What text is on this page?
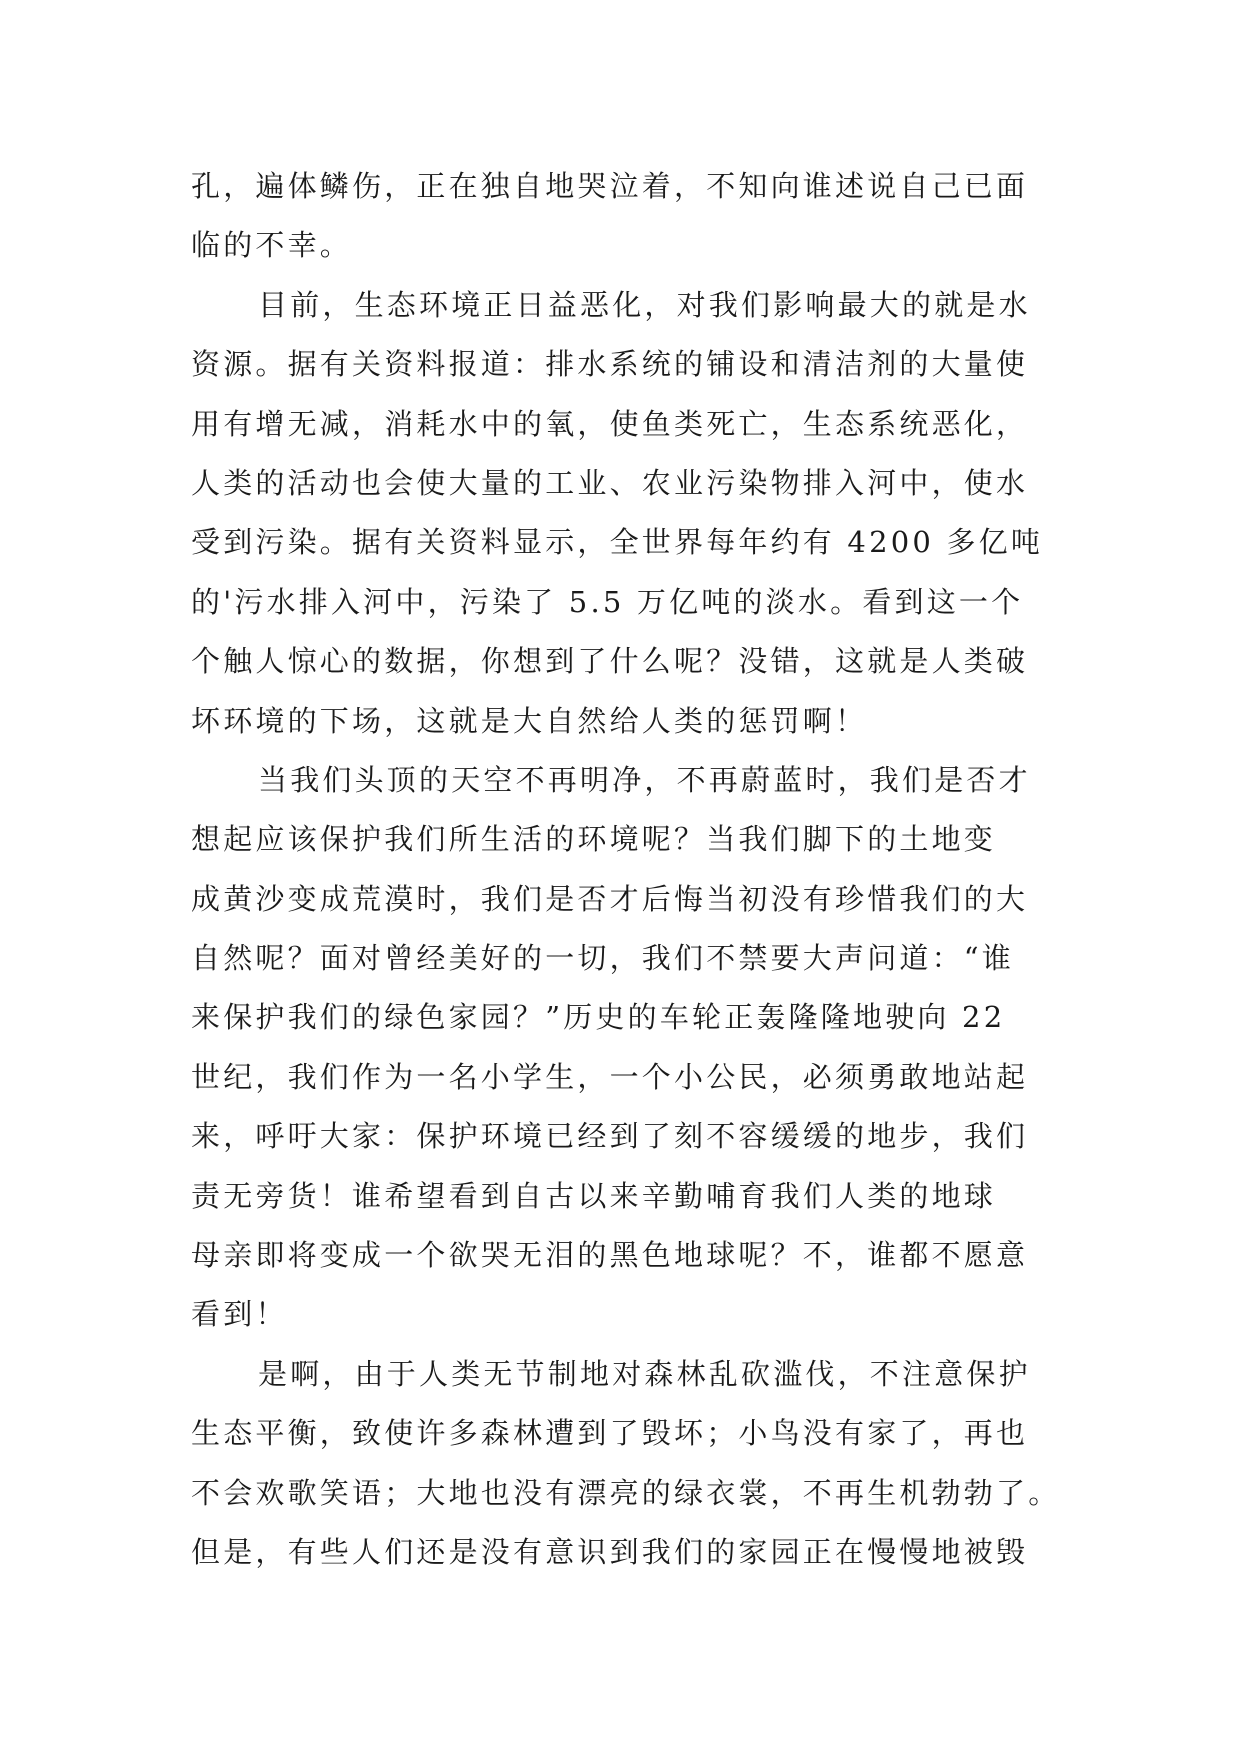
孔，遍体鳞伤，正在独自地哭泣着，不知向谁述说自己已面
临的不幸。
目前，生态环境正日益恶化，对我们影响最大的就是水
资源。据有关资料报道：排水系统的铺设和清洁剂的大量使
用有增无减，消耗水中的氧，使鱼类死亡，生态系统恶化，
人类的活动也会使大量的工业、农业污染物排入河中，使水
受到污染。据有关资料显示，全世界每年约有 4200 多亿吨
的'污水排入河中，污染了 5.5 万亿吨的淡水。看到这一个
个触人惊心的数据，你想到了什么呢？没错，这就是人类破
坏环境的下场，这就是大自然给人类的惩罚啊！
当我们头顶的天空不再明净，不再蔚蓝时，我们是否才
想起应该保护我们所生活的环境呢？当我们脚下的土地变
成黄沙变成荒漠时，我们是否才后悔当初没有珍惜我们的大
自然呢？面对曾经美好的一切，我们不禁要大声问道：“谁
来保护我们的绿色家园？”历史的车轮正轰隆隆地驶向 22
世纪，我们作为一名小学生，一个小公民，必须勇敢地站起
来，呼吁大家：保护环境已经到了刻不容缓缓的地步，我们
责无旁货！谁希望看到自古以来辛勤哺育我们人类的地球
母亲即将变成一个欲哭无泪的黑色地球呢？不，谁都不愿意
看到！
是啊，由于人类无节制地对森林乱砍滥伐，不注意保护
生态平衡，致使许多森林遭到了毁坏；小鸟没有家了，再也
不会欢歌笑语；大地也没有漂亮的绿衣裳，不再生机勃勃了。
但是，有些人们还是没有意识到我们的家园正在慢慢地被毁
